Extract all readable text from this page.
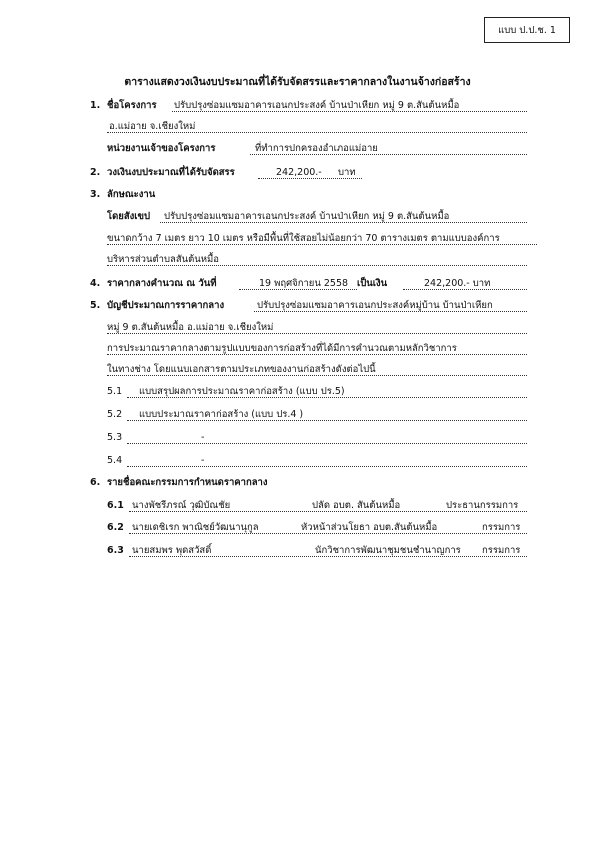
แบบ ป.ป.ช. 1
ตารางแสดงวงเงินงบประมาณที่ได้รับจัดสรรและราคากลางในงานจ้างก่อสร้าง
1. ชื่อโครงการ ปรับปรุงซ่อมแซมอาคารเอนกประสงค์ บ้านป่าเหียก หมู่ 9 ต.สันต้นหมื้อ
อ.แม่อาย จ.เชียงใหม่
หน่วยงานเจ้าของโครงการ	ที่ทำการปกครองอำเภอแม่อาย
2. วงเงินงบประมาณที่ได้รับจัดสรร	242,200.- บาท
3. ลักษณะงาน
โดยสังเขป ปรับปรุงซ่อมแซมอาคารเอนกประสงค์ บ้านป่าเหียก หมู่ 9 ต.สันต้นหมื้อ
ขนาดกว้าง 7 เมตร ยาว 10 เมตร หรือมีพื้นที่ใช้สอยไม่น้อยกว่า 70 ตารางเมตร ตามแบบองค์การ
บริหารส่วนตำบลสันต้นหมื้อ
4. ราคากลางคำนวณ ณ วันที่	19 พฤศจิกายน 2558 เป็นเงิน	242,200.- บาท
5. บัญชีประมาณการราคากลาง	ปรับปรุงซ่อมแซมอาคารเอนกประสงค์หมู่บ้าน บ้านป่าเหียก
หมู่ 9 ต.สันต้นหมื้อ อ.แม่อาย จ.เชียงใหม่
การประมาณราคากลางตามรูปแบบของการก่อสร้างที่ได้มีการคำนวณตามหลักวิชาการ
ในทางช่าง โดยแนบเอกสารตามประเภทของงานก่อสร้างดังต่อไปนี้
5.1 แบบสรุปผลการประมาณราคาก่อสร้าง (แบบ ปร.5)
5.2 แบบประมาณราคาก่อสร้าง (แบบ ปร.4 )
5.3	-
5.4	-
6. รายชื่อคณะกรรมการกำหนดราคากลาง
6.1 นางพัชรีภรณ์ วุฒิบัณชัย	ปลัด อบต. สันต้นหมื้อ	ประธานกรรมการ
6.2 นายเดชิเรก พาณิชย์วัฒนานุกูล	หัวหน้าส่วนโยธา อบต.สันต้นหมื้อ	กรรมการ
6.3 นายสมพร พุดสวัสดิ์	นักวิชาการพัฒนาชุมชนชำนาญการ กรรมการ
